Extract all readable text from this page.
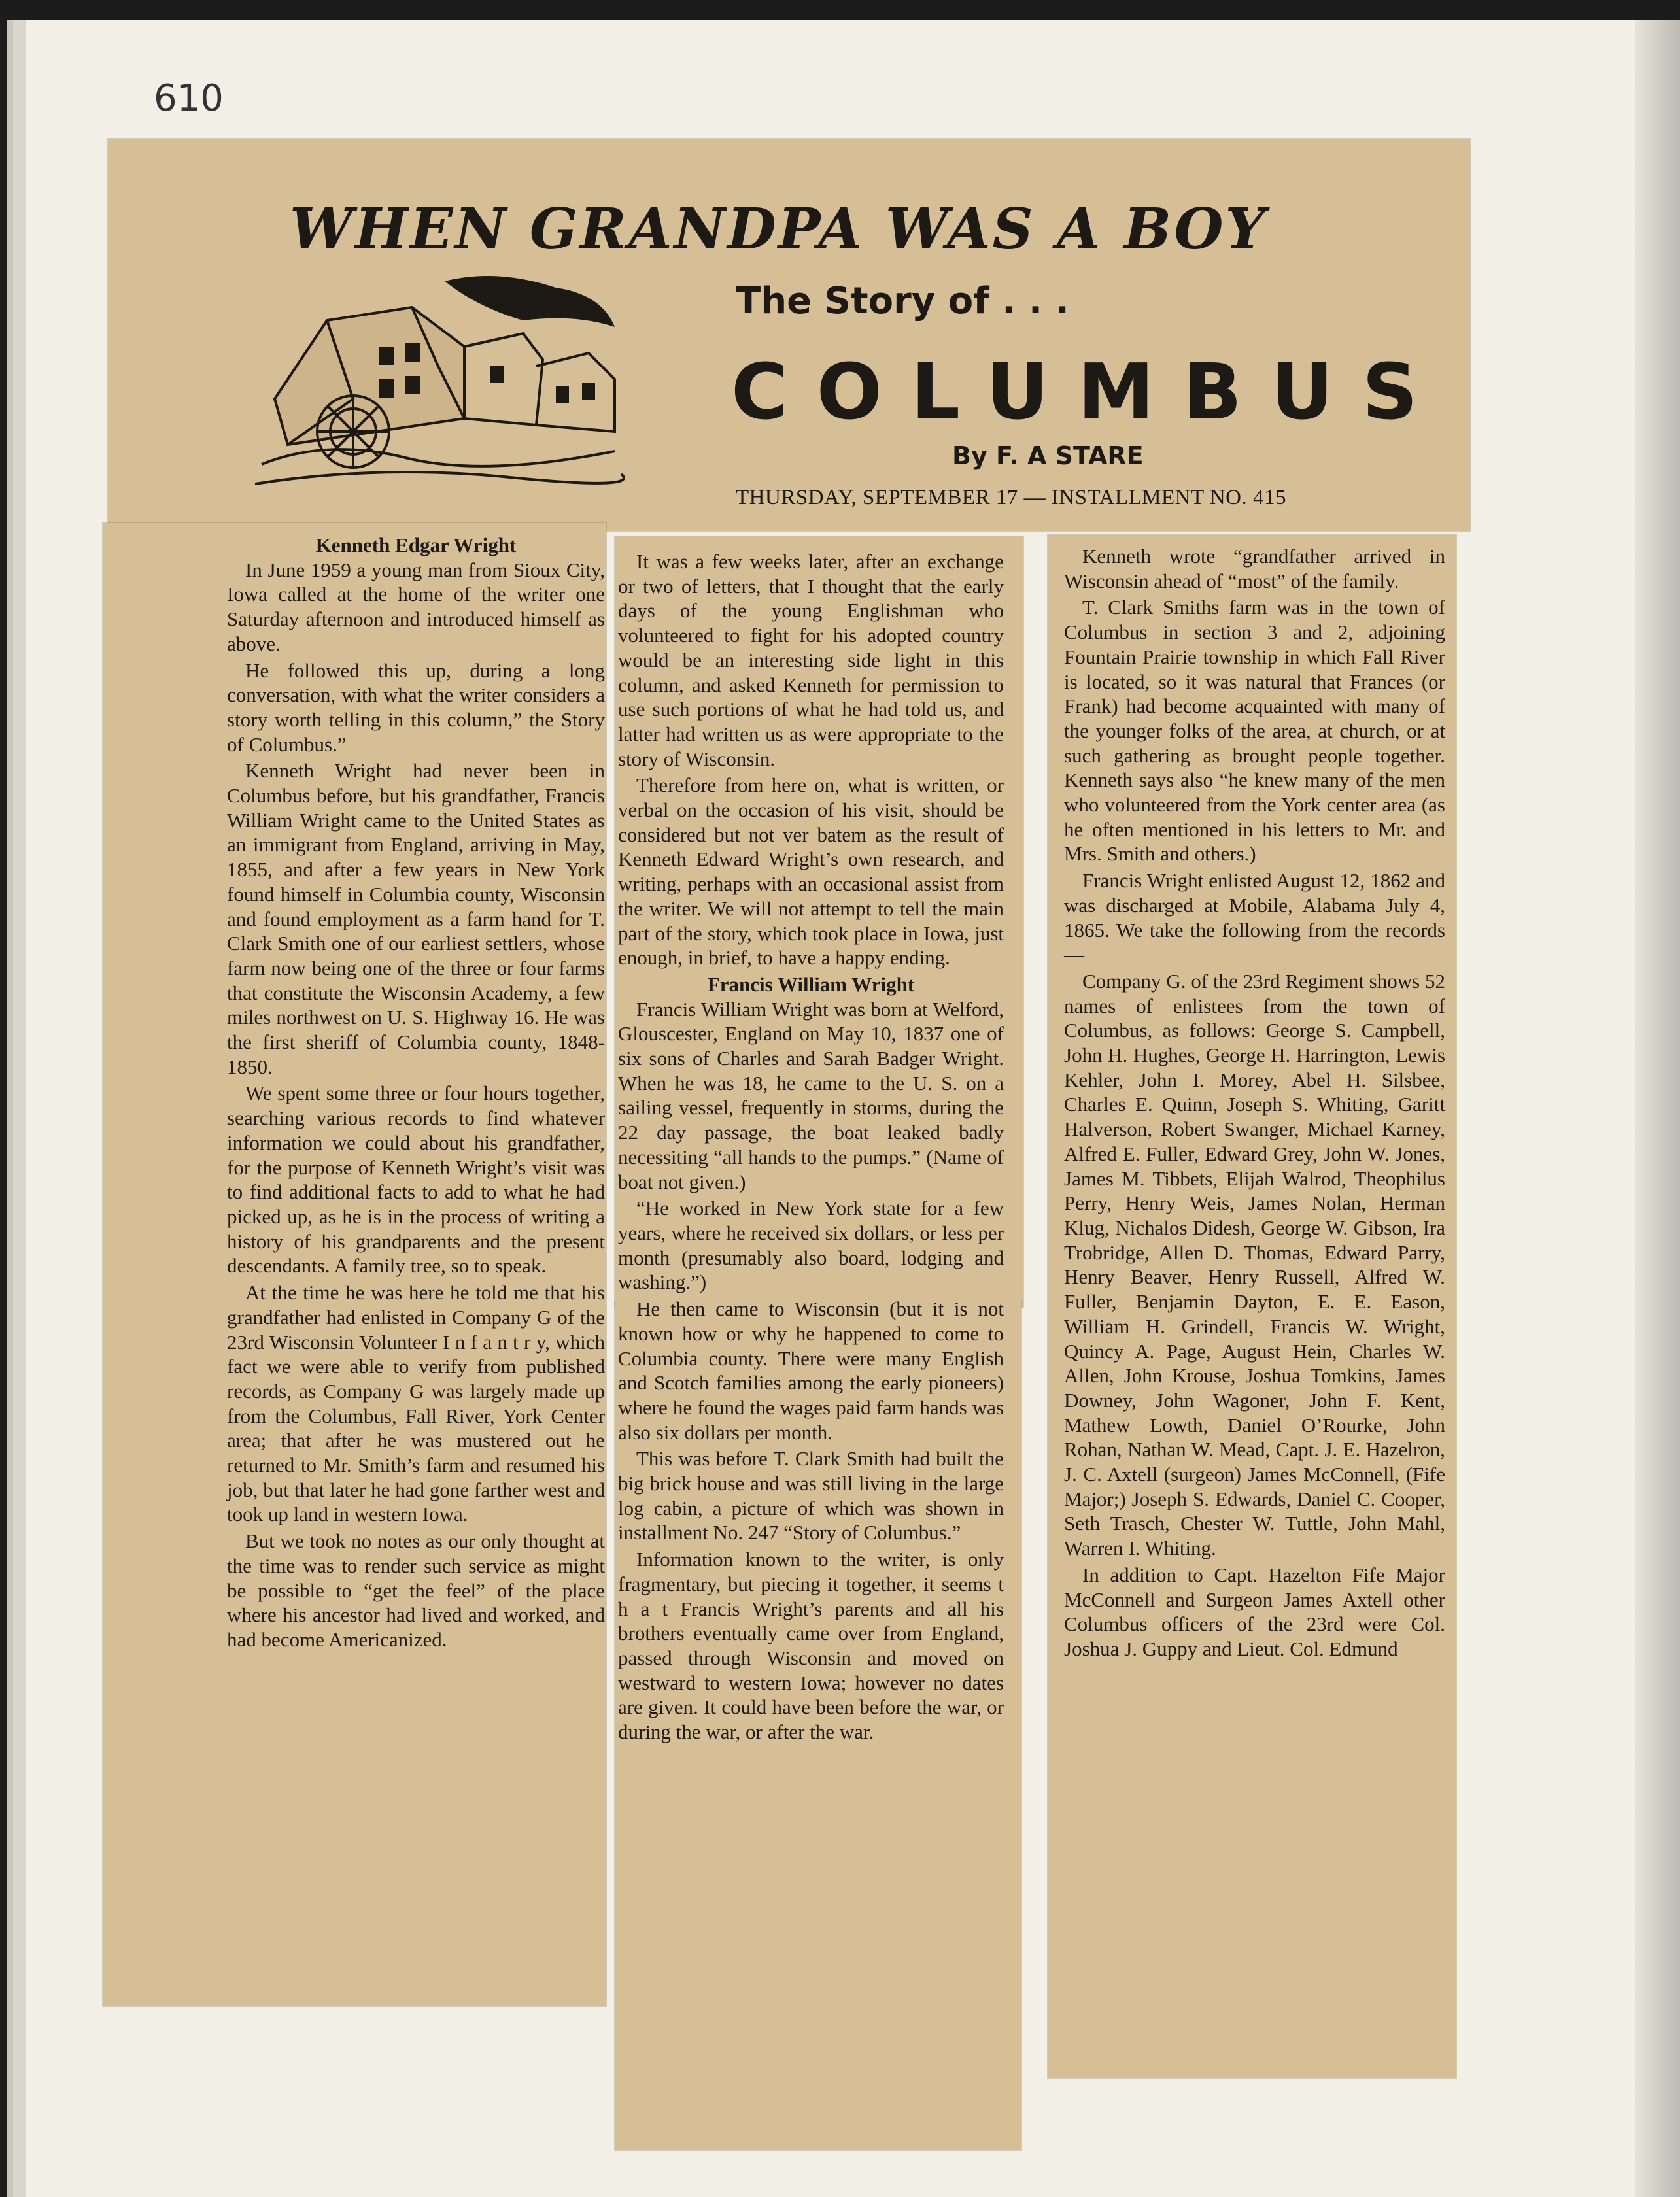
610
WHEN GRANDPA WAS A BOY
The Story of . . .
COLUMBUS
By F. A STARE
THURSDAY, SEPTEMBER 17 — INSTALLMENT NO. 415

Kenneth Edgar Wright

In June 1959 a young man from Sioux City, Iowa called at the home of the writer one Saturday afternoon and introduced himself as above.

He followed this up, during a long conversation, with what the writer considers a story worth telling in this column,” the Story of Columbus.”

Kenneth Wright had never been in Columbus before, but his grandfather, Francis William Wright came to the United States as an immigrant from England, arriving in May, 1855, and after a few years in New York found himself in Columbia county, Wisconsin and found employment as a farm hand for T. Clark Smith one of our earliest settlers, whose farm now being one of the three or four farms that constitute the Wisconsin Academy, a few miles northwest on U. S. Highway 16. He was the first sheriff of Columbia county, 1848-1850.

We spent some three or four hours together, searching various records to find whatever information we could about his grandfather, for the purpose of Kenneth Wright’s visit was to find additional facts to add to what he had picked up, as he is in the process of writing a history of his grandparents and the present descendants. A family tree, so to speak.

At the time he was here he told me that his grandfather had enlisted in Company G of the 23rd Wisconsin Volunteer I n f a n t r y, which fact we were able to verify from published records, as Company G was largely made up from the Columbus, Fall River, York Center area; that after he was mustered out he returned to Mr. Smith’s farm and resumed his job, but that later he had gone farther west and took up land in western Iowa.

But we took no notes as our only thought at the time was to render such service as might be possible to “get the feel” of the place where his ancestor had lived and worked, and had become Americanized.

It was a few weeks later, after an exchange or two of letters, that I thought that the early days of the young Englishman who volunteered to fight for his adopted country would be an interesting side light in this column, and asked Kenneth for permission to use such portions of what he had told us, and latter had written us as were appropriate to the story of Wisconsin.

Therefore from here on, what is written, or verbal on the occasion of his visit, should be considered but not ver batem as the result of Kenneth Edward Wright’s own research, and writing, perhaps with an occasional assist from the writer. We will not attempt to tell the main part of the story, which took place in Iowa, just enough, in brief, to have a happy ending.

Francis William Wright

Francis William Wright was born at Welford, Glouscester, England on May 10, 1837 one of six sons of Charles and Sarah Badger Wright. When he was 18, he came to the U. S. on a sailing vessel, frequently in storms, during the 22 day passage, the boat leaked badly necessiting “all hands to the pumps.” (Name of boat not given.)

“He worked in New York state for a few years, where he received six dollars, or less per month (presumably also board, lodging and washing.”)

He then came to Wisconsin (but it is not known how or why he happened to come to Columbia county. There were many English and Scotch families among the early pioneers) where he found the wages paid farm hands was also six dollars per month.

This was before T. Clark Smith had built the big brick house and was still living in the large log cabin, a picture of which was shown in installment No. 247 “Story of Columbus.”

Information known to the writer, is only fragmentary, but piecing it together, it seems t h a t Francis Wright’s parents and all his brothers eventually came over from England, passed through Wisconsin and moved on westward to western Iowa; however no dates are given. It could have been before the war, or during the war, or after the war.

Kenneth wrote “grandfather arrived in Wisconsin ahead of “most” of the family.

T. Clark Smiths farm was in the town of Columbus in section 3 and 2, adjoining Fountain Prairie township in which Fall River is located, so it was natural that Frances (or Frank) had become acquainted with many of the younger folks of the area, at church, or at such gathering as brought people together. Kenneth says also “he knew many of the men who volunteered from the York center area (as he often mentioned in his letters to Mr. and Mrs. Smith and others.)

Francis Wright enlisted August 12, 1862 and was discharged at Mobile, Alabama July 4, 1865. We take the following from the records—

Company G. of the 23rd Regiment shows 52 names of enlistees from the town of Columbus, as follows: George S. Campbell, John H. Hughes, George H. Harrington, Lewis Kehler, John I. Morey, Abel H. Silsbee, Charles E. Quinn, Joseph S. Whiting, Garitt Halverson, Robert Swanger, Michael Karney, Alfred E. Fuller, Edward Grey, John W. Jones, James M. Tibbets, Elijah Walrod, Theophilus Perry, Henry Weis, James Nolan, Herman Klug, Nichalos Didesh, George W. Gibson, Ira Trobridge, Allen D. Thomas, Edward Parry, Henry Beaver, Henry Russell, Alfred W. Fuller, Benjamin Dayton, E. E. Eason, William H. Grindell, Francis W. Wright, Quincy A. Page, August Hein, Charles W. Allen, John Krouse, Joshua Tomkins, James Downey, John Wagoner, John F. Kent, Mathew Lowth, Daniel O’Rourke, John Rohan, Nathan W. Mead, Capt. J. E. Hazelron, J. C. Axtell (surgeon) James McConnell, (Fife Major;) Joseph S. Edwards, Daniel C. Cooper, Seth Trasch, Chester W. Tuttle, John Mahl, Warren I. Whiting.

In addition to Capt. Hazelton Fife Major McConnell and Surgeon James Axtell other Columbus officers of the 23rd were Col. Joshua J. Guppy and Lieut. Col. Edmund
